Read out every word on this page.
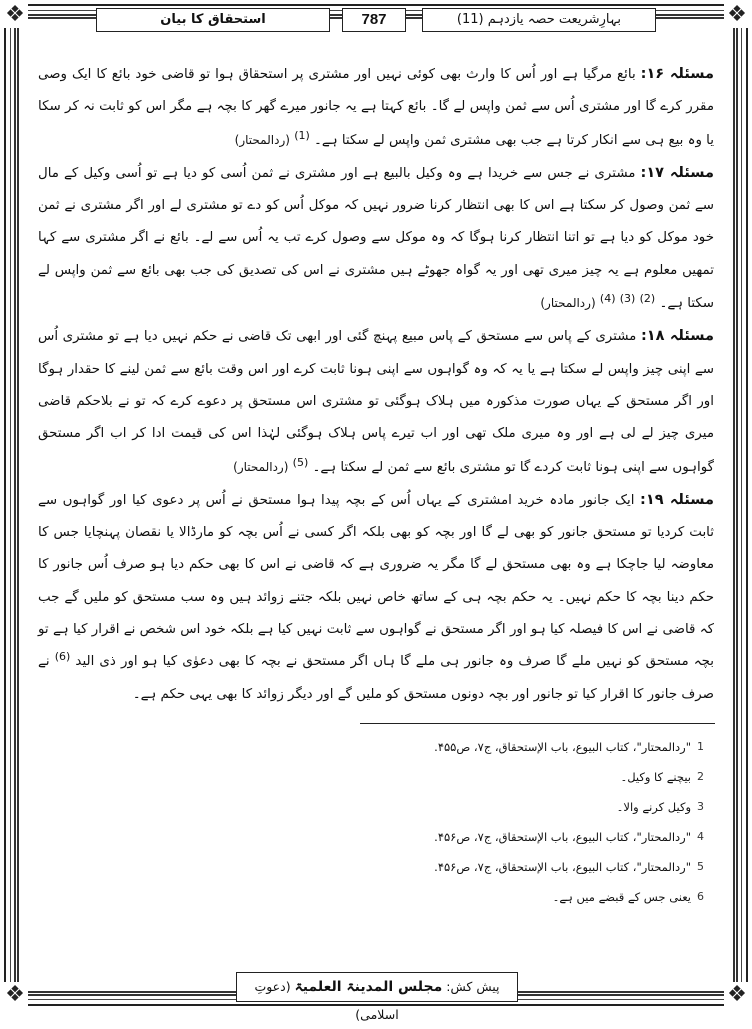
❖	❖
❖	❖
بہارِشریعت حصہ یازدہم (11)
787
استحقاق کا بیان

مسئلہ ۱۶: بائع مرگیا ہے اور اُس کا وارث بھی کوئی نہیں اور مشتری پر استحقاق ہوا تو قاضی خود بائع کا ایک وصی مقرر کرے گا اور مشتری اُس سے ثمن واپس لے گا۔ بائع کہتا ہے یہ جانور میرے گھر کا بچہ ہے مگر اس کو ثابت نہ کر سکا یا وہ بیع ہی سے انکار کرتا ہے جب بھی مشتری ثمن واپس لے سکتا ہے۔ $^{(1)}$ (ردالمحتار)

مسئلہ ۱۷: مشتری نے جس سے خریدا ہے وہ وکیل بالبیع ہے اور مشتری نے ثمن اُسی کو دیا ہے تو اُسی وکیل کے مال سے ثمن وصول کر سکتا ہے اس کا بھی انتظار کرنا ضرور نہیں کہ موکل اُس کو دے تو مشتری لے اور اگر مشتری نے ثمن خود موکل کو دیا ہے تو اتنا انتظار کرنا ہوگا کہ وہ موکل سے وصول کرے تب یہ اُس سے لے۔ بائع نے اگر مشتری سے کہا تمھیں معلوم ہے یہ چیز میری تھی اور یہ گواہ جھوٹے ہیں مشتری نے اس کی تصدیق کی جب بھی بائع سے ثمن واپس لے سکتا ہے۔ $^{(2)}$ $^{(3)}$ $^{(4)}$ (ردالمحتار)

مسئلہ ۱۸: مشتری کے پاس سے مستحق کے پاس مبیع پہنچ گئی اور ابھی تک قاضی نے حکم نہیں دیا ہے تو مشتری اُس سے اپنی چیز واپس لے سکتا ہے یا یہ کہ وہ گواہوں سے اپنی ہونا ثابت کرے اور اس وقت بائع سے ثمن لینے کا حقدار ہوگا اور اگر مستحق کے یہاں صورت مذکورہ میں ہلاک ہوگئی تو مشتری اس مستحق پر دعوے کرے کہ تو نے بلاحکم قاضی میری چیز لے لی ہے اور وہ میری ملک تھی اور اب تیرے پاس ہلاک ہوگئی لہٰذا اس کی قیمت ادا کر اب اگر مستحق گواہوں سے اپنی ہونا ثابت کردے گا تو مشتری بائع سے ثمن لے سکتا ہے۔ $^{(5)}$ (ردالمحتار)

مسئلہ ۱۹: ایک جانور مادہ خرید امشتری کے یہاں اُس کے بچہ پیدا ہوا مستحق نے اُس پر دعوی کیا اور گواہوں سے ثابت کردیا تو مستحق جانور کو بھی لے گا اور بچہ کو بھی بلکہ اگر کسی نے اُس بچہ کو مارڈالا یا نقصان پہنچایا جس کا معاوضہ لیا جاچکا ہے وہ بھی مستحق لے گا مگر یہ ضروری ہے کہ قاضی نے اس کا بھی حکم دیا ہو صرف اُس جانور کا حکم دینا بچہ کا حکم نہیں۔ یہ حکم بچہ ہی کے ساتھ خاص نہیں بلکہ جتنے زوائد ہیں وہ سب مستحق کو ملیں گے جب کہ قاضی نے اس کا فیصلہ کیا ہو اور اگر مستحق نے گواہوں سے ثابت نہیں کیا ہے بلکہ خود اس شخص نے اقرار کیا ہے تو بچہ مستحق کو نہیں ملے گا صرف وہ جانور ہی ملے گا ہاں اگر مستحق نے بچہ کا بھی دعوٰی کیا ہو اور ذی الید $^{(6)}$ نے صرف جانور کا اقرار کیا تو جانور اور بچہ دونوں مستحق کو ملیں گے اور دیگر زوائد کا بھی یہی حکم ہے۔

1
"ردالمحتار"، کتاب البیوع، باب الإستحقاق، ج۷، ص۴۵۵.
2
بیچنے کا وکیل۔
3
وکیل کرنے والا۔
4
"ردالمحتار"، کتاب البیوع، باب الإستحقاق، ج۷، ص۴۵۶.
5
"ردالمحتار"، کتاب البیوع، باب الإستحقاق، ج۷، ص۴۵۶.
6
یعنی جس کے قبضے میں ہے۔
پیش کش: مجلس المدینۃ العلمیۃ (دعوتِ اسلامی)
